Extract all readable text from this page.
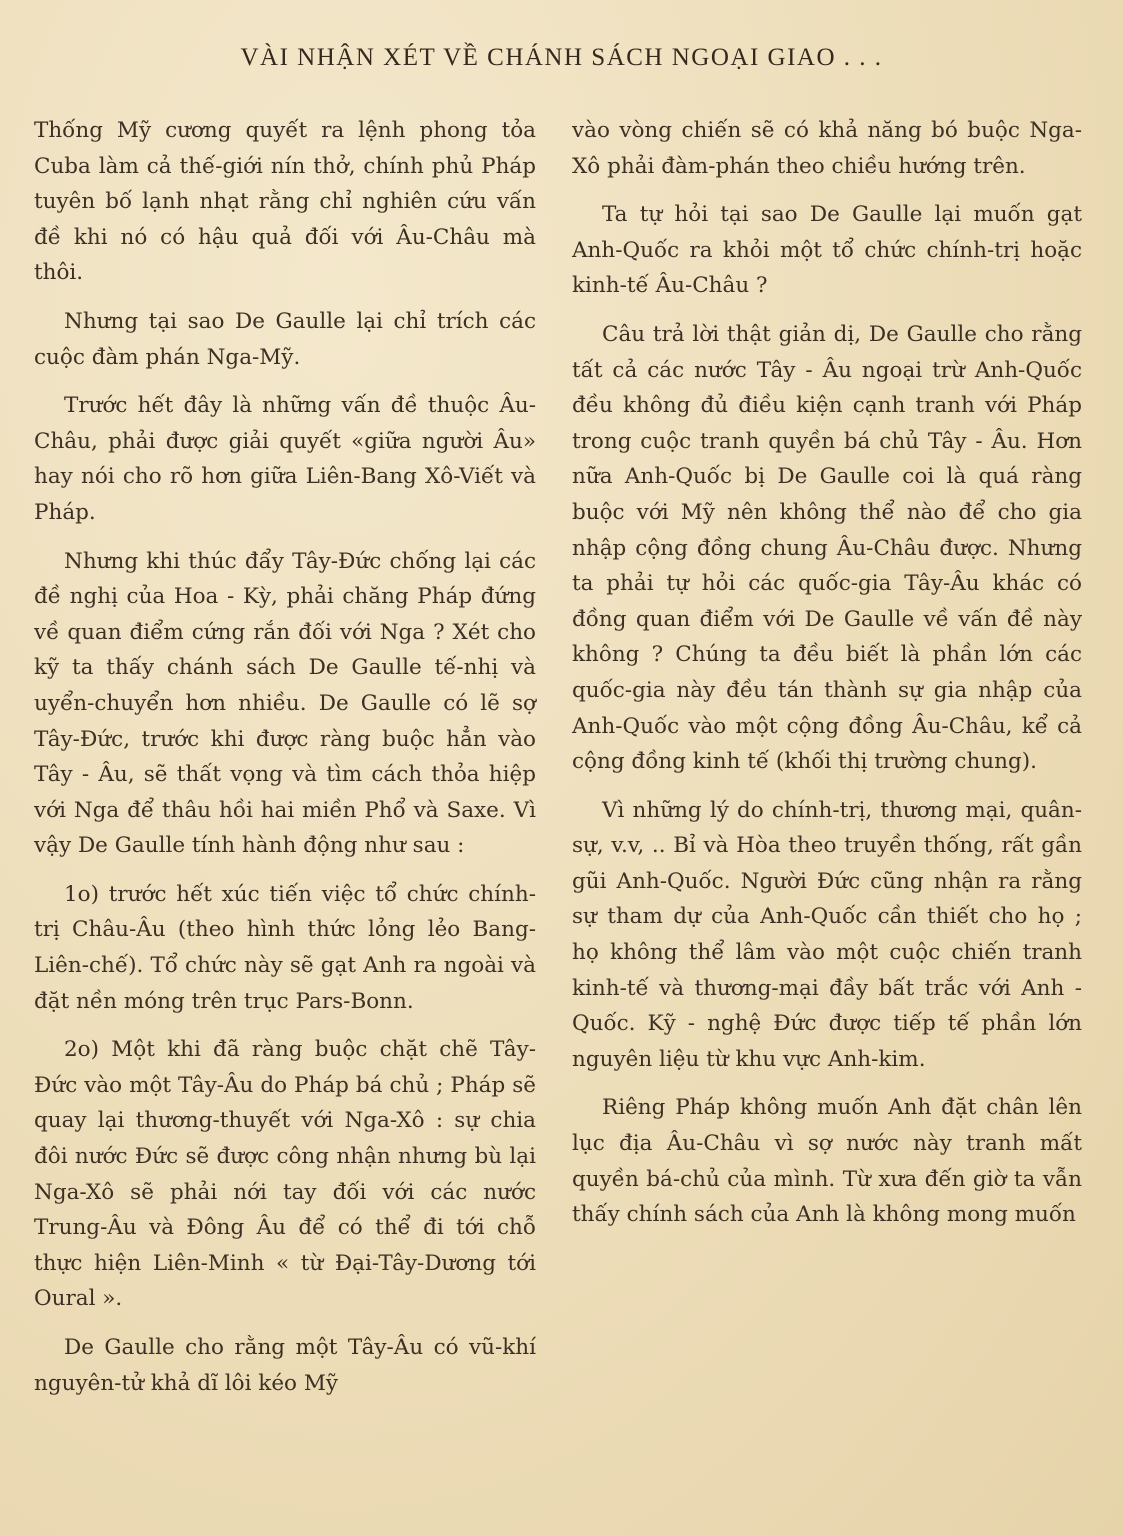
VÀI NHẬN XÉT VỀ CHÁNH SÁCH NGOẠI GIAO . . .

Thống Mỹ cương quyết ra lệnh phong tỏa Cuba làm cả thế-giới nín thở, chính phủ Pháp tuyên bố lạnh nhạt rằng chỉ nghiên cứu vấn đề khi nó có hậu quả đối với Âu-Châu mà thôi.

Nhưng tại sao De Gaulle lại chỉ trích các cuộc đàm phán Nga-Mỹ.

Trước hết đây là những vấn đề thuộc Âu-Châu, phải được giải quyết «giữa người Âu» hay nói cho rõ hơn giữa Liên-Bang Xô-Viết và Pháp.

Nhưng khi thúc đẩy Tây-Đức chống lại các đề nghị của Hoa - Kỳ, phải chăng Pháp đứng về quan điểm cứng rắn đối với Nga ? Xét cho kỹ ta thấy chánh sách De Gaulle tế-nhị và uyển-chuyển hơn nhiều. De Gaulle có lẽ sợ Tây-Đức, trước khi được ràng buộc hẳn vào Tây - Âu, sẽ thất vọng và tìm cách thỏa hiệp với Nga để thâu hồi hai miền Phổ và Saxe. Vì vậy De Gaulle tính hành động như sau :

1o) trước hết xúc tiến việc tổ chức chính-trị Châu-Âu (theo hình thức lỏng lẻo Bang-Liên-chế). Tổ chức này sẽ gạt Anh ra ngoài và đặt nền móng trên trục Pars-Bonn.

2o) Một khi đã ràng buộc chặt chẽ Tây-Đức vào một Tây-Âu do Pháp bá chủ ; Pháp sẽ quay lại thương-thuyết với Nga-Xô : sự chia đôi nước Đức sẽ được công nhận nhưng bù lại Nga-Xô sẽ phải nới tay đối với các nước Trung-Âu và Đông Âu để có thể đi tới chỗ thực hiện Liên-Minh « từ Đại-Tây-Dương tới Oural ».

De Gaulle cho rằng một Tây-Âu có vũ-khí nguyên-tử khả dĩ lôi kéo Mỹ

vào vòng chiến sẽ có khả năng bó buộc Nga-Xô phải đàm-phán theo chiều hướng trên.

Ta tự hỏi tại sao De Gaulle lại muốn gạt Anh-Quốc ra khỏi một tổ chức chính-trị hoặc kinh-tế Âu-Châu ?

Câu trả lời thật giản dị, De Gaulle cho rằng tất cả các nước Tây - Âu ngoại trừ Anh-Quốc đều không đủ điều kiện cạnh tranh với Pháp trong cuộc tranh quyền bá chủ Tây - Âu. Hơn nữa Anh-Quốc bị De Gaulle coi là quá ràng buộc với Mỹ nên không thể nào để cho gia nhập cộng đồng chung Âu-Châu được. Nhưng ta phải tự hỏi các quốc-gia Tây-Âu khác có đồng quan điểm với De Gaulle về vấn đề này không ? Chúng ta đều biết là phần lớn các quốc-gia này đều tán thành sự gia nhập của Anh-Quốc vào một cộng đồng Âu-Châu, kể cả cộng đồng kinh tế (khối thị trường chung).

Vì những lý do chính-trị, thương mại, quân-sự, v.v, .. Bỉ và Hòa theo truyền thống, rất gần gũi Anh-Quốc. Người Đức cũng nhận ra rằng sự tham dự của Anh-Quốc cần thiết cho họ ; họ không thể lâm vào một cuộc chiến tranh kinh-tế và thương-mại đầy bất trắc với Anh - Quốc. Kỹ - nghệ Đức được tiếp tế phần lớn nguyên liệu từ khu vực Anh-kim.

Riêng Pháp không muốn Anh đặt chân lên lục địa Âu-Châu vì sợ nước này tranh mất quyền bá-chủ của mình. Từ xưa đến giờ ta vẫn thấy chính sách của Anh là không mong muốn
